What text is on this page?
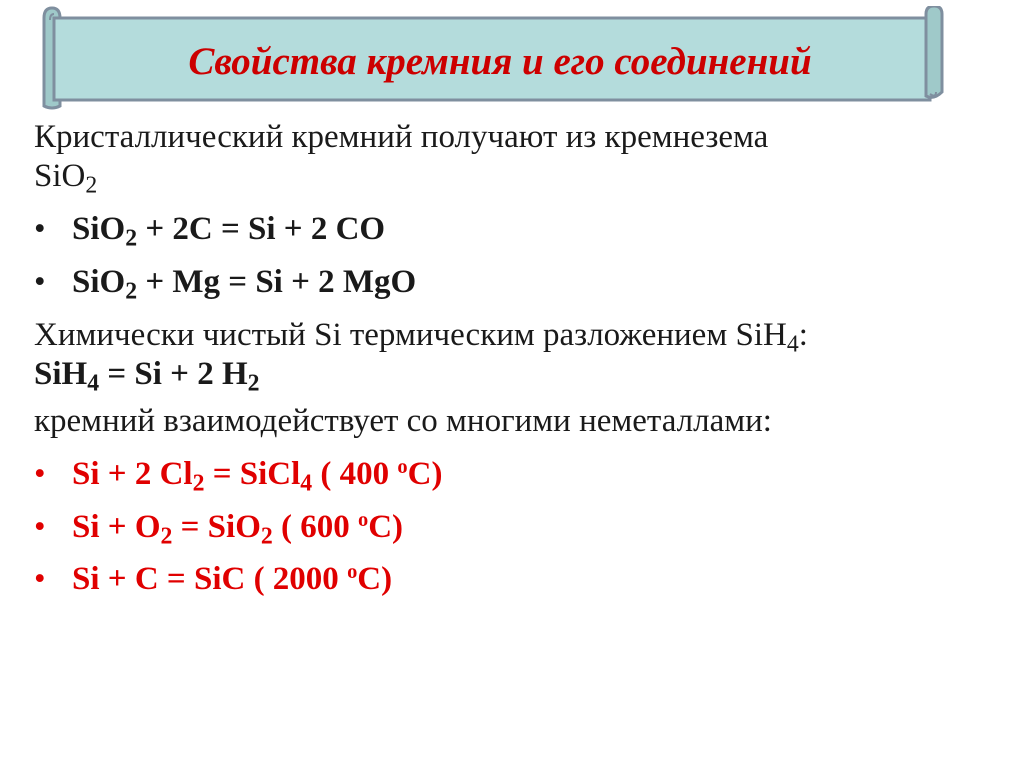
Свойства кремния и его соединений

Кристаллический кремний получают из кремнезема
SiO$_2$

• SiO$_2$ + 2C = Si + 2 CO

• SiO$_2$ + Mg = Si + 2 MgO

Химически чистый Si термическим разложением SiH$_4$:
SiH$_4$ = Si + 2 $H_2$

кремний взаимодействует со многими неметаллами:

• Si + 2 $Cl_2$ = SiCl$_4$ ( 400 $^o$C)

• $Si + O_2 = SiO_2$ ( 600 $^o$C)

• Si + C = SiC ( 2000 $^o$C)
